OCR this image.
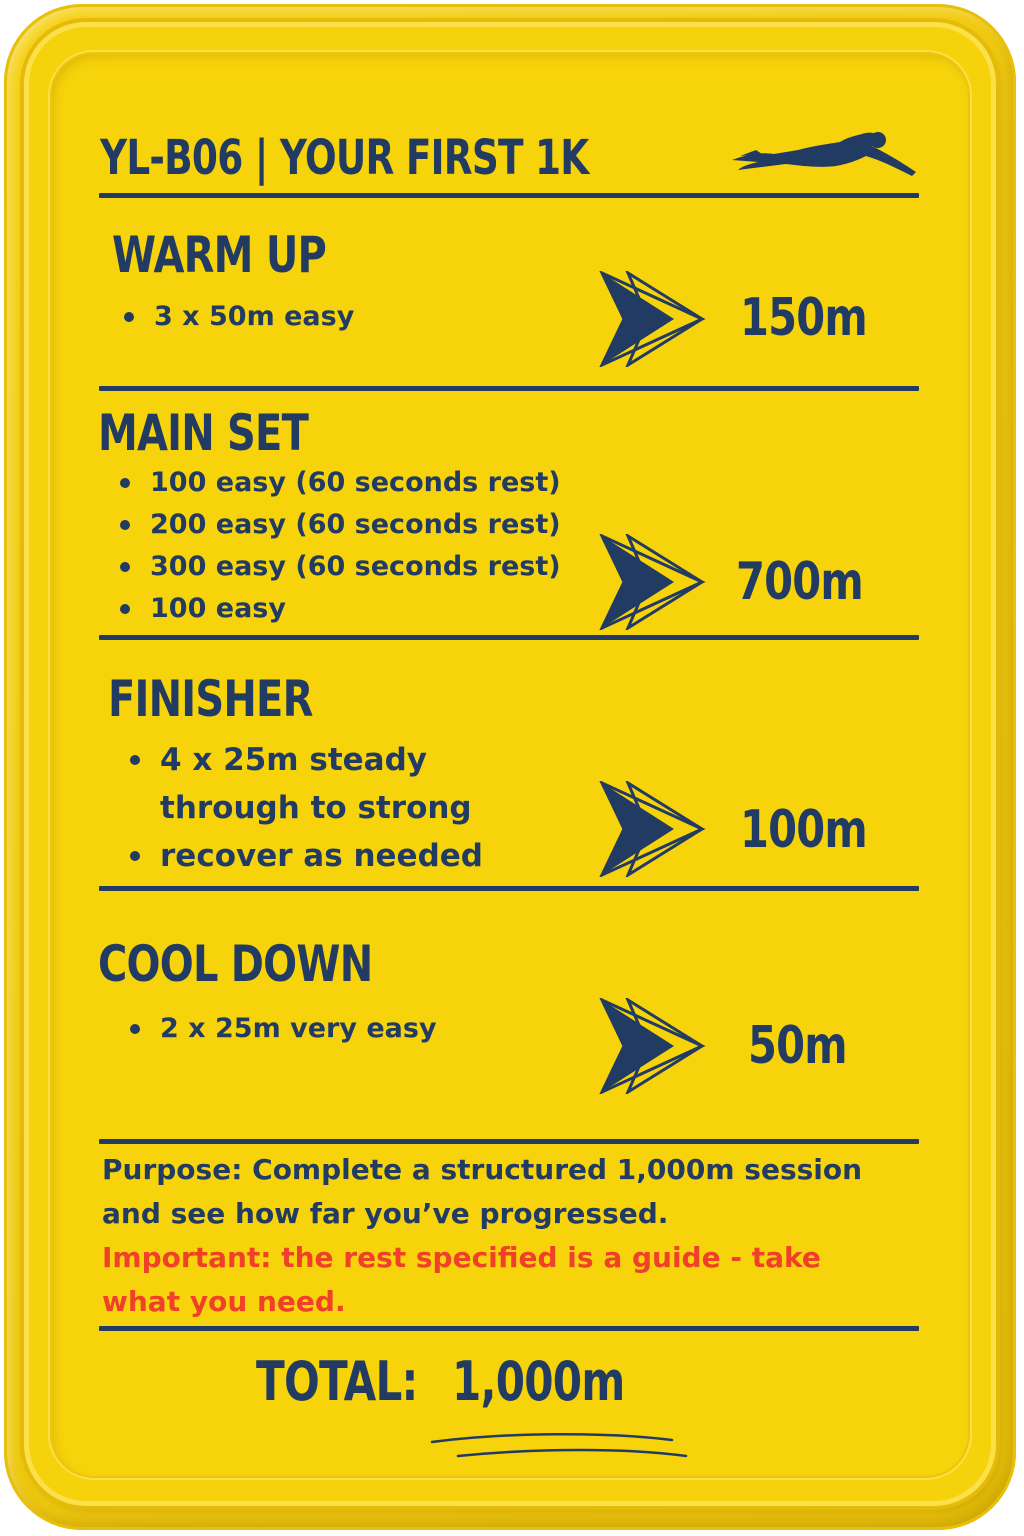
YL-B06 | YOUR FIRST 1K
WARM UP
3 x 50m easy	150m
MAIN SET
100 easy (60 seconds rest)
200 easy (60 seconds rest)
300 easy (60 seconds rest)
100 easy	700m
FINISHER
4 x 25m steady
through to strong
recover as needed	100m
COOL DOWN
2 x 25m very easy	50m

Purpose: Complete a structured 1,000m session and see how far you’ve progressed.

Important: the rest specified is a guide - take what you need.

TOTAL: 1,000m
